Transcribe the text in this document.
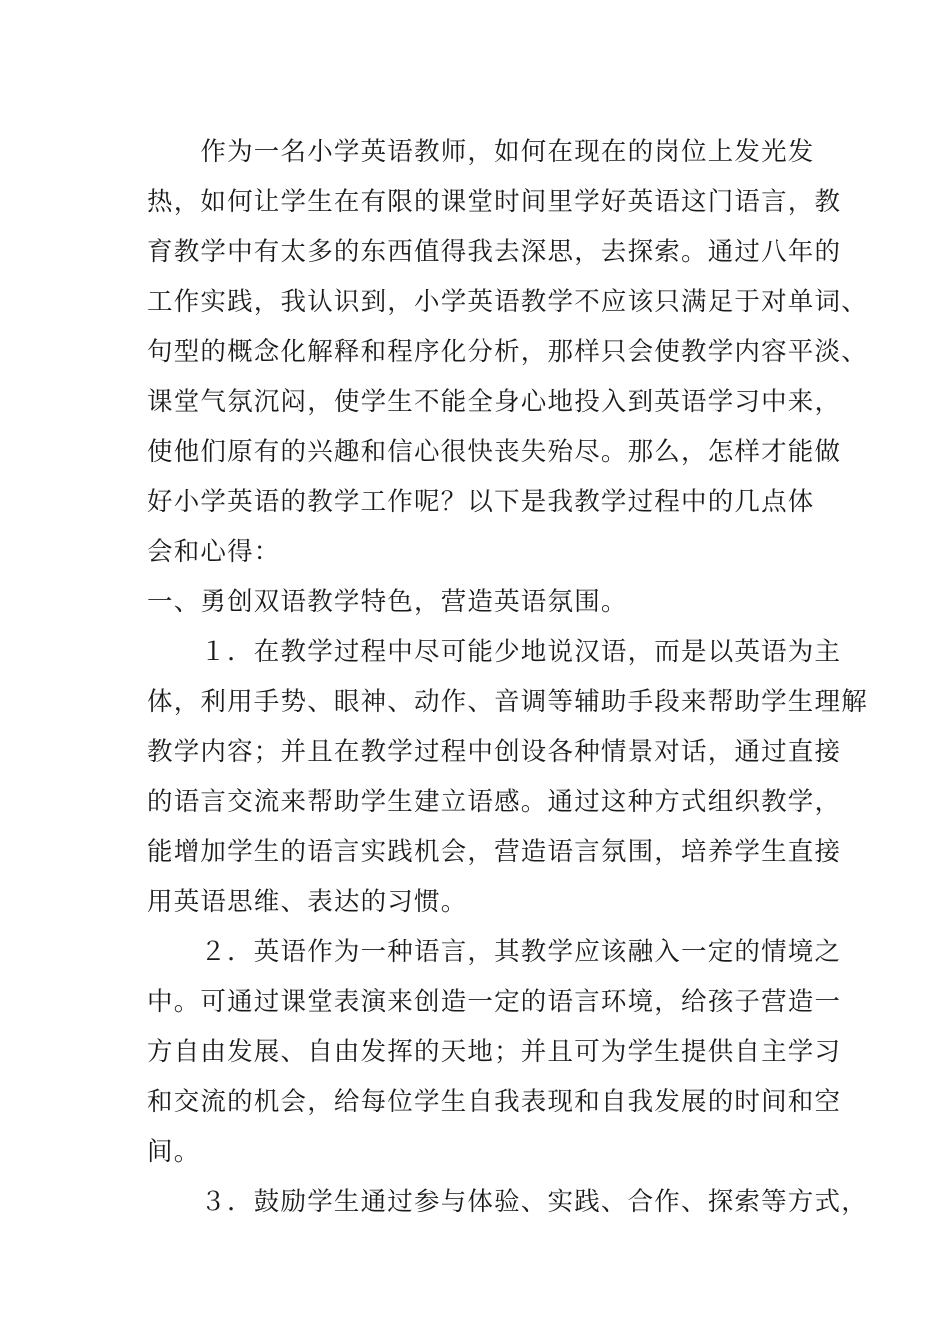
　　作为一名小学英语教师，如何在现在的岗位上发光发
热，如何让学生在有限的课堂时间里学好英语这门语言，教
育教学中有太多的东西值得我去深思，去探索。通过八年的
工作实践，我认识到，小学英语教学不应该只满足于对单词、
句型的概念化解释和程序化分析，那样只会使教学内容平淡、
课堂气氛沉闷，使学生不能全身心地投入到英语学习中来，
使他们原有的兴趣和信心很快丧失殆尽。那么，怎样才能做
好小学英语的教学工作呢？以下是我教学过程中的几点体
会和心得：
一、勇创双语教学特色，营造英语氛围。
　　１．在教学过程中尽可能少地说汉语，而是以英语为主
体，利用手势、眼神、动作、音调等辅助手段来帮助学生理解
教学内容；并且在教学过程中创设各种情景对话，通过直接
的语言交流来帮助学生建立语感。通过这种方式组织教学，
能增加学生的语言实践机会，营造语言氛围，培养学生直接
用英语思维、表达的习惯。
　　２．英语作为一种语言，其教学应该融入一定的情境之
中。可通过课堂表演来创造一定的语言环境，给孩子营造一
方自由发展、自由发挥的天地；并且可为学生提供自主学习
和交流的机会，给每位学生自我表现和自我发展的时间和空
间。
　　３．鼓励学生通过参与体验、实践、合作、探索等方式，
